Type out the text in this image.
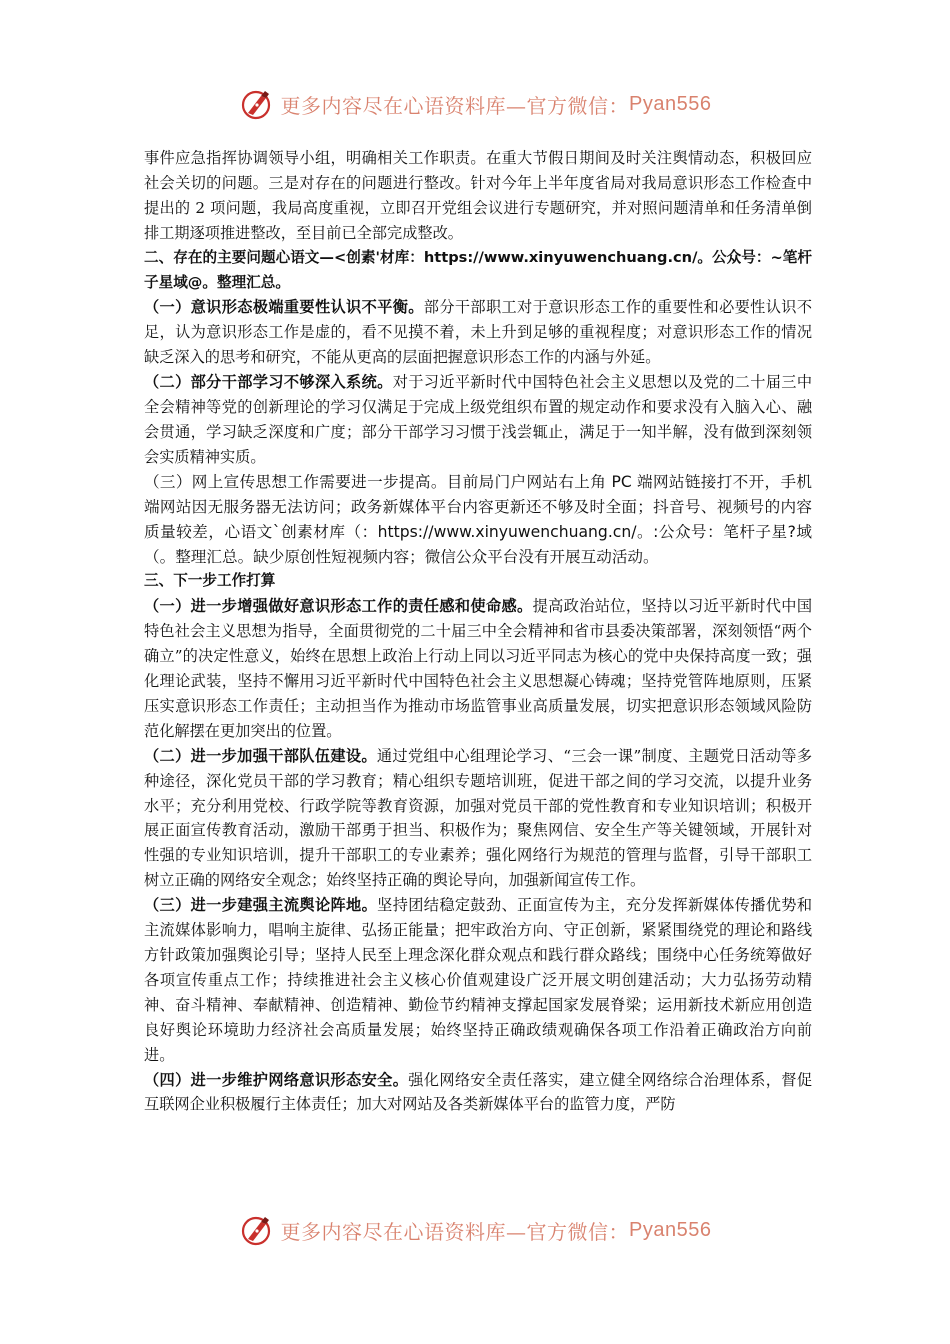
更多内容尽在心语资料库—官方微信： Pyan556

事件应急指挥协调领导小组，明确相关工作职责。在重大节假日期间及时关注舆情动态，积极回应社会关切的问题。三是对存在的问题进行整改。针对今年上半年度省局对我局意识形态工作检查中提出的 2 项问题，我局高度重视，立即召开党组会议进行专题研究，并对照问题清单和任务清单倒排工期逐项推进整改，至目前已全部完成整改。

二、存在的主要问题心语文—<创素'材库：https://www.xinyuwenchuang.cn/。公众号：~笔杆子星域@。整理汇总。

（一）意识形态极端重要性认识不平衡。部分干部职工对于意识形态工作的重要性和必要性认识不足，认为意识形态工作是虚的，看不见摸不着，未上升到足够的重视程度；对意识形态工作的情况缺乏深入的思考和研究，不能从更高的层面把握意识形态工作的内涵与外延。

（二）部分干部学习不够深入系统。对于习近平新时代中国特色社会主义思想以及党的二十届三中全会精神等党的创新理论的学习仅满足于完成上级党组织布置的规定动作和要求没有入脑入心、融会贯通，学习缺乏深度和广度；部分干部学习习惯于浅尝辄止，满足于一知半解，没有做到深刻领会实质精神实质。

（三）网上宣传思想工作需要进一步提高。目前局门户网站右上角 PC 端网站链接打不开，手机端网站因无服务器无法访问；政务新媒体平台内容更新还不够及时全面；抖音号、视频号的内容质量较差，心语文`创素材库（：https://www.xinyuwenchuang.cn/。:公众号：笔杆子星?域（。整理汇总。缺少原创性短视频内容；微信公众平台没有开展互动活动。

三、下一步工作打算

（一）进一步增强做好意识形态工作的责任感和使命感。提高政治站位，坚持以习近平新时代中国特色社会主义思想为指导，全面贯彻党的二十届三中全会精神和省市县委决策部署，深刻领悟“两个确立”的决定性意义，始终在思想上政治上行动上同以习近平同志为核心的党中央保持高度一致；强化理论武装，坚持不懈用习近平新时代中国特色社会主义思想凝心铸魂；坚持党管阵地原则，压紧压实意识形态工作责任；主动担当作为推动市场监管事业高质量发展，切实把意识形态领域风险防范化解摆在更加突出的位置。

（二）进一步加强干部队伍建设。通过党组中心组理论学习、“三会一课”制度、主题党日活动等多种途径，深化党员干部的学习教育；精心组织专题培训班，促进干部之间的学习交流，以提升业务水平；充分利用党校、行政学院等教育资源，加强对党员干部的党性教育和专业知识培训；积极开展正面宣传教育活动，激励干部勇于担当、积极作为；聚焦网信、安全生产等关键领域，开展针对性强的专业知识培训，提升干部职工的专业素养；强化网络行为规范的管理与监督，引导干部职工树立正确的网络安全观念；始终坚持正确的舆论导向，加强新闻宣传工作。

（三）进一步建强主流舆论阵地。坚持团结稳定鼓劲、正面宣传为主，充分发挥新媒体传播优势和主流媒体影响力，唱响主旋律、弘扬正能量；把牢政治方向、守正创新，紧紧围绕党的理论和路线方针政策加强舆论引导；坚持人民至上理念深化群众观点和践行群众路线；围绕中心任务统筹做好各项宣传重点工作；持续推进社会主义核心价值观建设广泛开展文明创建活动；大力弘扬劳动精神、奋斗精神、奉献精神、创造精神、勤俭节约精神支撑起国家发展脊梁；运用新技术新应用创造良好舆论环境助力经济社会高质量发展；始终坚持正确政绩观确保各项工作沿着正确政治方向前进。

（四）进一步维护网络意识形态安全。强化网络安全责任落实，建立健全网络综合治理体系，督促互联网企业积极履行主体责任；加大对网站及各类新媒体平台的监管力度，严防

更多内容尽在心语资料库—官方微信： Pyan556
